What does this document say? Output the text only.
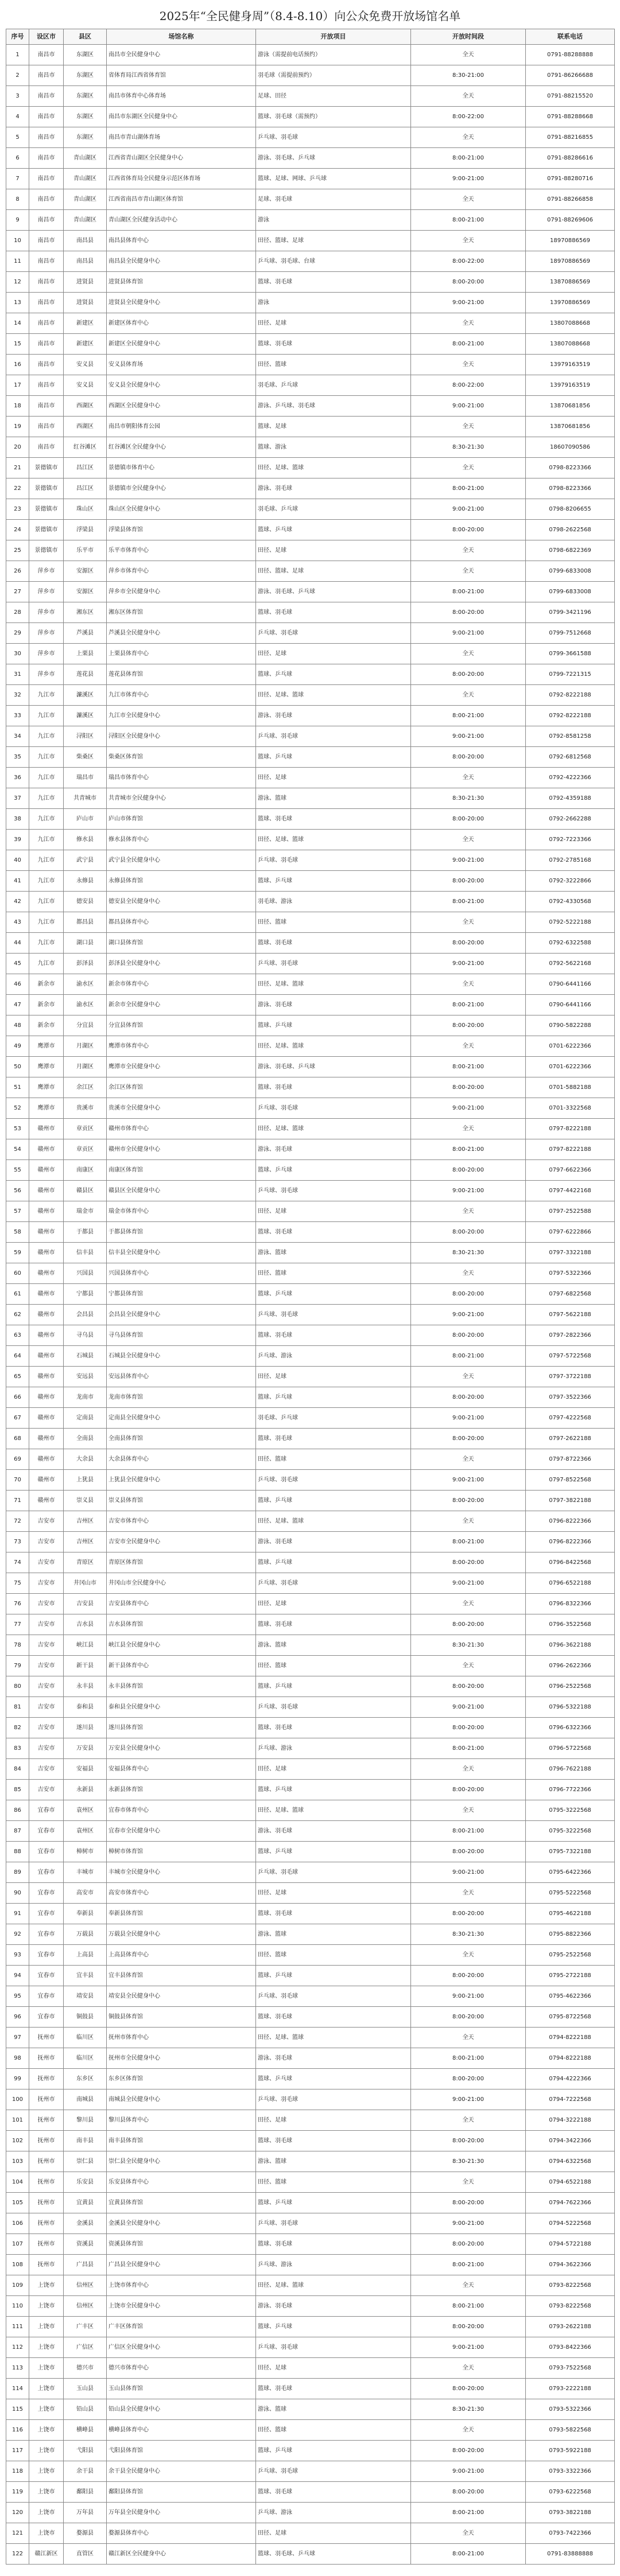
2025年“全民健身周”（8.4-8.10）向公众免费开放场馆名单
序号	设区市	县区	场馆名称	开放项目	开放时间段	联系电话
1	南昌市	东湖区	南昌市全民健身中心	游泳（需提前电话预约）	全天	0791-88288888
2	南昌市	东湖区	省体育局江西省体育馆	羽毛球（需提前预约）	8:30-21:00	0791-86266688
3	南昌市	东湖区	南昌市体育中心体育场	足球、田径	全天	0791-88215520
4	南昌市	东湖区	南昌市东湖区全民健身中心	篮球、羽毛球（需预约）	8:00-22:00	0791-88288668
5	南昌市	东湖区	南昌市青山湖体育场	乒乓球、羽毛球	全天	0791-88216855
6	南昌市	青山湖区	江西省青山湖区全民健身中心	游泳、羽毛球、乒乓球	8:00-21:00	0791-88286616
7	南昌市	青山湖区	江西省体育局全民健身示范区体育场	篮球、足球、网球、乒乓球	9:00-21:00	0791-88280716
8	南昌市	青山湖区	江西省南昌市青山湖区体育馆	足球、羽毛球	全天	0791-88266858
9	南昌市	青山湖区	青山湖区全民健身活动中心	游泳	8:00-21:00	0791-88269606
10	南昌市	南昌县	南昌县体育中心	田径、篮球、足球	全天	18970886569
11	南昌市	南昌县	南昌县全民健身中心	乒乓球、羽毛球、台球	8:00-22:00	18970886569
12	南昌市	进贤县	进贤县体育馆	篮球、羽毛球	8:00-20:00	13870886569
13	南昌市	进贤县	进贤县全民健身中心	游泳	9:00-21:00	13970886569
14	南昌市	新建区	新建区体育中心	田径、足球	全天	13807088668
15	南昌市	新建区	新建区全民健身中心	篮球、羽毛球	8:00-21:00	13807088668
16	南昌市	安义县	安义县体育场	田径、篮球	全天	13979163519
17	南昌市	安义县	安义县全民健身中心	羽毛球、乒乓球	8:00-22:00	13979163519
18	南昌市	西湖区	西湖区全民健身中心	游泳、乒乓球、羽毛球	9:00-21:00	13870681856
19	南昌市	西湖区	南昌市朝阳体育公园	篮球、足球	全天	13870681856
20	南昌市	红谷滩区	红谷滩区全民健身中心	篮球、游泳	8:30-21:30	18607090586
21	景德镇市	昌江区	景德镇市体育中心	田径、足球、篮球	全天	0798-8223366
22	景德镇市	昌江区	景德镇市全民健身中心	游泳、羽毛球	8:00-21:00	0798-8223366
23	景德镇市	珠山区	珠山区全民健身中心	羽毛球、乒乓球	9:00-21:00	0798-8206655
24	景德镇市	浮梁县	浮梁县体育馆	篮球、乒乓球	8:00-20:00	0798-2622568
25	景德镇市	乐平市	乐平市体育中心	田径、足球	全天	0798-6822369
26	萍乡市	安源区	萍乡市体育中心	田径、篮球、足球	全天	0799-6833008
27	萍乡市	安源区	萍乡市全民健身中心	游泳、羽毛球、乒乓球	8:00-21:00	0799-6833008
28	萍乡市	湘东区	湘东区体育馆	篮球、羽毛球	8:00-20:00	0799-3421196
29	萍乡市	芦溪县	芦溪县全民健身中心	乒乓球、羽毛球	9:00-21:00	0799-7512668
30	萍乡市	上栗县	上栗县体育中心	田径、足球	全天	0799-3661588
31	萍乡市	莲花县	莲花县体育馆	篮球、乒乓球	8:00-20:00	0799-7221315
32	九江市	濂溪区	九江市体育中心	田径、足球、篮球	全天	0792-8222188
33	九江市	濂溪区	九江市全民健身中心	游泳、羽毛球	8:00-21:00	0792-8222188
34	九江市	浔阳区	浔阳区全民健身中心	乒乓球、羽毛球	9:00-21:00	0792-8581258
35	九江市	柴桑区	柴桑区体育馆	篮球、乒乓球	8:00-20:00	0792-6812568
36	九江市	瑞昌市	瑞昌市体育中心	田径、足球	全天	0792-4222366
37	九江市	共青城市	共青城市全民健身中心	游泳、篮球	8:30-21:30	0792-4359188
38	九江市	庐山市	庐山市体育馆	篮球、羽毛球	8:00-20:00	0792-2662288
39	九江市	修水县	修水县体育中心	田径、足球、篮球	全天	0792-7223366
40	九江市	武宁县	武宁县全民健身中心	乒乓球、羽毛球	9:00-21:00	0792-2785168
41	九江市	永修县	永修县体育馆	篮球、乒乓球	8:00-20:00	0792-3222866
42	九江市	德安县	德安县全民健身中心	羽毛球、游泳	8:00-21:00	0792-4330568
43	九江市	都昌县	都昌县体育中心	田径、篮球	全天	0792-5222188
44	九江市	湖口县	湖口县体育馆	篮球、羽毛球	8:00-20:00	0792-6322588
45	九江市	彭泽县	彭泽县全民健身中心	乒乓球、羽毛球	9:00-21:00	0792-5622168
46	新余市	渝水区	新余市体育中心	田径、足球、篮球	全天	0790-6441166
47	新余市	渝水区	新余市全民健身中心	游泳、羽毛球	8:00-21:00	0790-6441166
48	新余市	分宜县	分宜县体育馆	篮球、乒乓球	8:00-20:00	0790-5822288
49	鹰潭市	月湖区	鹰潭市体育中心	田径、足球、篮球	全天	0701-6222366
50	鹰潭市	月湖区	鹰潭市全民健身中心	游泳、羽毛球、乒乓球	8:00-21:00	0701-6222366
51	鹰潭市	余江区	余江区体育馆	篮球、羽毛球	8:00-20:00	0701-5882188
52	鹰潭市	贵溪市	贵溪市全民健身中心	乒乓球、羽毛球	9:00-21:00	0701-3322568
53	赣州市	章贡区	赣州市体育中心	田径、足球、篮球	全天	0797-8222188
54	赣州市	章贡区	赣州市全民健身中心	游泳、羽毛球	8:00-21:00	0797-8222188
55	赣州市	南康区	南康区体育馆	篮球、乒乓球	8:00-20:00	0797-6622366
56	赣州市	赣县区	赣县区全民健身中心	乒乓球、羽毛球	9:00-21:00	0797-4422168
57	赣州市	瑞金市	瑞金市体育中心	田径、足球	全天	0797-2522588
58	赣州市	于都县	于都县体育馆	篮球、羽毛球	8:00-20:00	0797-6222866
59	赣州市	信丰县	信丰县全民健身中心	游泳、篮球	8:30-21:30	0797-3322188
60	赣州市	兴国县	兴国县体育中心	田径、篮球	全天	0797-5322366
61	赣州市	宁都县	宁都县体育馆	篮球、乒乓球	8:00-20:00	0797-6822568
62	赣州市	会昌县	会昌县全民健身中心	乒乓球、羽毛球	9:00-21:00	0797-5622188
63	赣州市	寻乌县	寻乌县体育馆	篮球、羽毛球	8:00-20:00	0797-2822366
64	赣州市	石城县	石城县全民健身中心	乒乓球、游泳	8:00-21:00	0797-5722568
65	赣州市	安远县	安远县体育中心	田径、足球	全天	0797-3722188
66	赣州市	龙南市	龙南市体育馆	篮球、乒乓球	8:00-20:00	0797-3522366
67	赣州市	定南县	定南县全民健身中心	羽毛球、乒乓球	9:00-21:00	0797-4222568
68	赣州市	全南县	全南县体育馆	篮球、羽毛球	8:00-20:00	0797-2622188
69	赣州市	大余县	大余县体育中心	田径、篮球	全天	0797-8722366
70	赣州市	上犹县	上犹县全民健身中心	乒乓球、羽毛球	9:00-21:00	0797-8522568
71	赣州市	崇义县	崇义县体育馆	篮球、乒乓球	8:00-20:00	0797-3822188
72	吉安市	吉州区	吉安市体育中心	田径、足球、篮球	全天	0796-8222366
73	吉安市	吉州区	吉安市全民健身中心	游泳、羽毛球	8:00-21:00	0796-8222366
74	吉安市	青原区	青原区体育馆	篮球、乒乓球	8:00-20:00	0796-8422568
75	吉安市	井冈山市	井冈山市全民健身中心	乒乓球、羽毛球	9:00-21:00	0796-6522188
76	吉安市	吉安县	吉安县体育中心	田径、足球	全天	0796-8322366
77	吉安市	吉水县	吉水县体育馆	篮球、羽毛球	8:00-20:00	0796-3522568
78	吉安市	峡江县	峡江县全民健身中心	游泳、篮球	8:30-21:30	0796-3622188
79	吉安市	新干县	新干县体育中心	田径、篮球	全天	0796-2622366
80	吉安市	永丰县	永丰县体育馆	篮球、乒乓球	8:00-20:00	0796-2522568
81	吉安市	泰和县	泰和县全民健身中心	乒乓球、羽毛球	9:00-21:00	0796-5322188
82	吉安市	遂川县	遂川县体育馆	篮球、羽毛球	8:00-20:00	0796-6322366
83	吉安市	万安县	万安县全民健身中心	乒乓球、游泳	8:00-21:00	0796-5722568
84	吉安市	安福县	安福县体育中心	田径、足球	全天	0796-7622188
85	吉安市	永新县	永新县体育馆	篮球、乒乓球	8:00-20:00	0796-7722366
86	宜春市	袁州区	宜春市体育中心	田径、足球、篮球	全天	0795-3222568
87	宜春市	袁州区	宜春市全民健身中心	游泳、羽毛球	8:00-21:00	0795-3222568
88	宜春市	樟树市	樟树市体育馆	篮球、乒乓球	8:00-20:00	0795-7322188
89	宜春市	丰城市	丰城市全民健身中心	乒乓球、羽毛球	9:00-21:00	0795-6422366
90	宜春市	高安市	高安市体育中心	田径、足球	全天	0795-5222568
91	宜春市	奉新县	奉新县体育馆	篮球、羽毛球	8:00-20:00	0795-4622188
92	宜春市	万载县	万载县全民健身中心	游泳、篮球	8:30-21:30	0795-8822366
93	宜春市	上高县	上高县体育中心	田径、篮球	全天	0795-2522568
94	宜春市	宜丰县	宜丰县体育馆	篮球、乒乓球	8:00-20:00	0795-2722188
95	宜春市	靖安县	靖安县全民健身中心	乒乓球、羽毛球	9:00-21:00	0795-4622366
96	宜春市	铜鼓县	铜鼓县体育馆	篮球、羽毛球	8:00-20:00	0795-8722568
97	抚州市	临川区	抚州市体育中心	田径、足球、篮球	全天	0794-8222188
98	抚州市	临川区	抚州市全民健身中心	游泳、羽毛球	8:00-21:00	0794-8222188
99	抚州市	东乡区	东乡区体育馆	篮球、乒乓球	8:00-20:00	0794-4222366
100	抚州市	南城县	南城县全民健身中心	乒乓球、羽毛球	9:00-21:00	0794-7222568
101	抚州市	黎川县	黎川县体育中心	田径、足球	全天	0794-3222188
102	抚州市	南丰县	南丰县体育馆	篮球、羽毛球	8:00-20:00	0794-3422366
103	抚州市	崇仁县	崇仁县全民健身中心	游泳、篮球	8:30-21:30	0794-6322568
104	抚州市	乐安县	乐安县体育中心	田径、篮球	全天	0794-6522188
105	抚州市	宜黄县	宜黄县体育馆	篮球、乒乓球	8:00-20:00	0794-7622366
106	抚州市	金溪县	金溪县全民健身中心	乒乓球、羽毛球	9:00-21:00	0794-5222568
107	抚州市	资溪县	资溪县体育馆	篮球、羽毛球	8:00-20:00	0794-5722188
108	抚州市	广昌县	广昌县全民健身中心	乒乓球、游泳	8:00-21:00	0794-3622366
109	上饶市	信州区	上饶市体育中心	田径、足球、篮球	全天	0793-8222568
110	上饶市	信州区	上饶市全民健身中心	游泳、羽毛球	8:00-21:00	0793-8222568
111	上饶市	广丰区	广丰区体育馆	篮球、乒乓球	8:00-20:00	0793-2622188
112	上饶市	广信区	广信区全民健身中心	乒乓球、羽毛球	9:00-21:00	0793-8422366
113	上饶市	德兴市	德兴市体育中心	田径、足球	全天	0793-7522568
114	上饶市	玉山县	玉山县体育馆	篮球、羽毛球	8:00-20:00	0793-2222188
115	上饶市	铅山县	铅山县全民健身中心	游泳、篮球	8:30-21:30	0793-5322366
116	上饶市	横峰县	横峰县体育中心	田径、篮球	全天	0793-5822568
117	上饶市	弋阳县	弋阳县体育馆	篮球、乒乓球	8:00-20:00	0793-5922188
118	上饶市	余干县	余干县全民健身中心	乒乓球、羽毛球	9:00-21:00	0793-3322366
119	上饶市	鄱阳县	鄱阳县体育馆	篮球、羽毛球	8:00-20:00	0793-6222568
120	上饶市	万年县	万年县全民健身中心	乒乓球、游泳	8:00-21:00	0793-3822188
121	上饶市	婺源县	婺源县体育中心	田径、足球	全天	0793-7422366
122	赣江新区	直管区	赣江新区全民健身中心	篮球、羽毛球、乒乓球	8:00-21:00	0791-83888888
